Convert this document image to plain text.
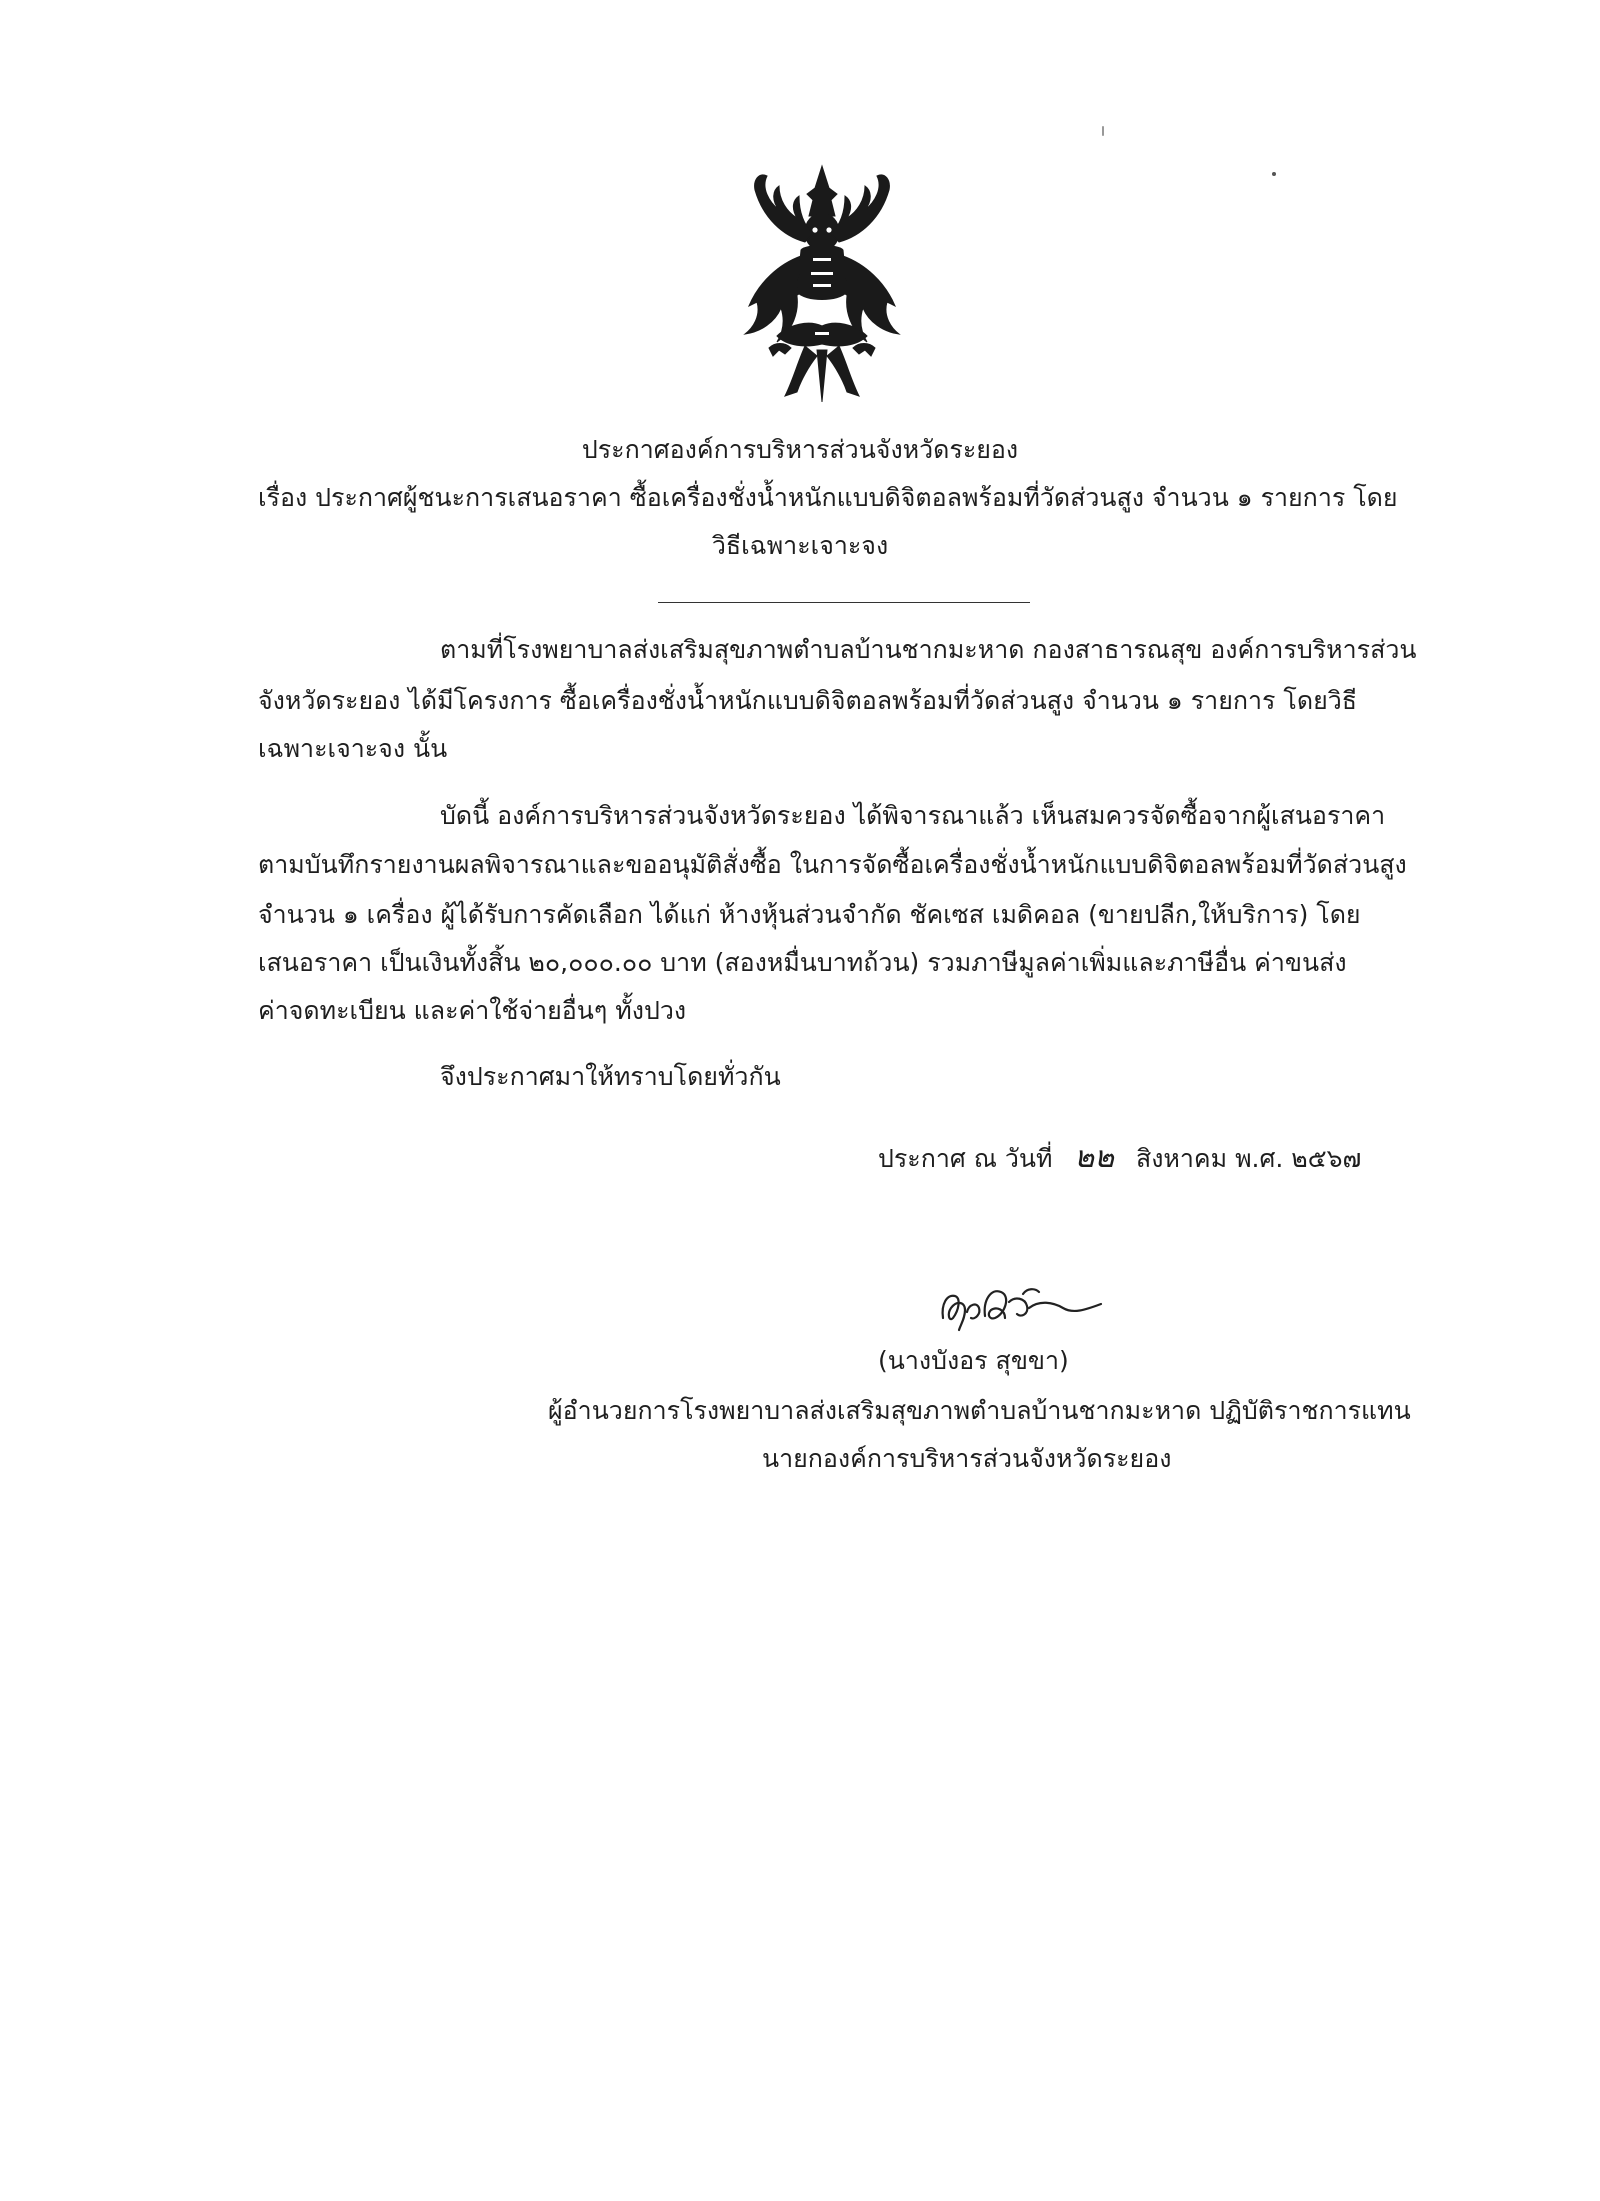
ประกาศองค์การบริหารส่วนจังหวัดระยอง
เรื่อง ประกาศผู้ชนะการเสนอราคา ซื้อเครื่องชั่งน้ำหนักแบบดิจิตอลพร้อมที่วัดส่วนสูง จำนวน ๑ รายการ โดย
วิธีเฉพาะเจาะจง
ตามที่โรงพยาบาลส่งเสริมสุขภาพตำบลบ้านชากมะหาด กองสาธารณสุข องค์การบริหารส่วน
จังหวัดระยอง ได้มีโครงการ ซื้อเครื่องชั่งน้ำหนักแบบดิจิตอลพร้อมที่วัดส่วนสูง จำนวน ๑ รายการ โดยวิธี
เฉพาะเจาะจง นั้น
บัดนี้ องค์การบริหารส่วนจังหวัดระยอง ได้พิจารณาแล้ว เห็นสมควรจัดซื้อจากผู้เสนอราคา
ตามบันทึกรายงานผลพิจารณาและขออนุมัติสั่งซื้อ ในการจัดซื้อเครื่องชั่งน้ำหนักแบบดิจิตอลพร้อมที่วัดส่วนสูง
จำนวน ๑ เครื่อง ผู้ได้รับการคัดเลือก ได้แก่ ห้างหุ้นส่วนจำกัด ชัคเซส เมดิคอล (ขายปลีก,ให้บริการ) โดย
เสนอราคา เป็นเงินทั้งสิ้น ๒๐,๐๐๐.๐๐ บาท (สองหมื่นบาทถ้วน) รวมภาษีมูลค่าเพิ่มและภาษีอื่น ค่าขนส่ง
ค่าจดทะเบียน และค่าใช้จ่ายอื่นๆ ทั้งปวง
จึงประกาศมาให้ทราบโดยทั่วกัน
ประกาศ ณ วันที่ ๒๒ สิงหาคม พ.ศ. ๒๕๖๗
(นางบังอร สุขขา)
ผู้อำนวยการโรงพยาบาลส่งเสริมสุขภาพตำบลบ้านชากมะหาด ปฏิบัติราชการแทน
นายกองค์การบริหารส่วนจังหวัดระยอง
